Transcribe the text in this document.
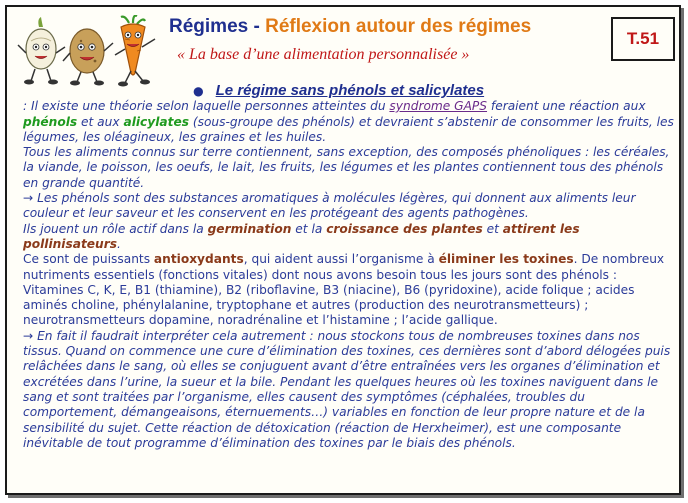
Régimes - Réflexion autour des régimes
« La base d’une alimentation personnalisée »
T.51

● Le régime sans phénols et salicylates

: Il existe une théorie selon laquelle personnes atteintes du syndrome GAPS feraient une réaction aux phénols et aux alicylates (sous-groupe des phénols) et devraient s’abstenir de consommer les fruits, les légumes, les oléagineux, les graines et les huiles.

Tous les aliments connus sur terre contiennent, sans exception, des composés phénoliques : les céréales, la viande, le poisson, les oeufs, le lait, les fruits, les légumes et les plantes contiennent tous des phénols en grande quantité.

→ Les phénols sont des substances aromatiques à molécules légères, qui donnent aux aliments leur couleur et leur saveur et les conservent en les protégeant des agents pathogènes.

Ils jouent un rôle actif dans la germination et la croissance des plantes et attirent les pollinisateurs.

Ce sont de puissants antioxydants, qui aident aussi l’organisme à éliminer les toxines. De nombreux nutriments essentiels (fonctions vitales) dont nous avons besoin tous les jours sont des phénols : Vitamines C, K, E, B1 (thiamine), B2 (riboflavine, B3 (niacine), B6 (pyridoxine), acide folique ; acides aminés choline, phénylalanine, tryptophane et autres (production des neurotransmetteurs) ; neurotransmetteurs dopamine, noradrénaline et l’histamine ; l’acide gallique.

→ En fait il faudrait interpréter cela autrement : nous stockons tous de nombreuses toxines dans nos tissus. Quand on commence une cure d’élimination des toxines, ces dernières sont d’abord délogées puis relâchées dans le sang, où elles se conjuguent avant d’être entraînées vers les organes d’élimination et excrétées dans l’urine, la sueur et la bile. Pendant les quelques heures où les toxines naviguent dans le sang et sont traitées par l’organisme, elles causent des symptômes (céphalées, troubles du comportement, démangeaisons, éternuements…) variables en fonction de leur propre nature et de la sensibilité du sujet. Cette réaction de détoxication (réaction de Herxheimer), est une composante inévitable de tout programme d’élimination des toxines par le biais des phénols.
